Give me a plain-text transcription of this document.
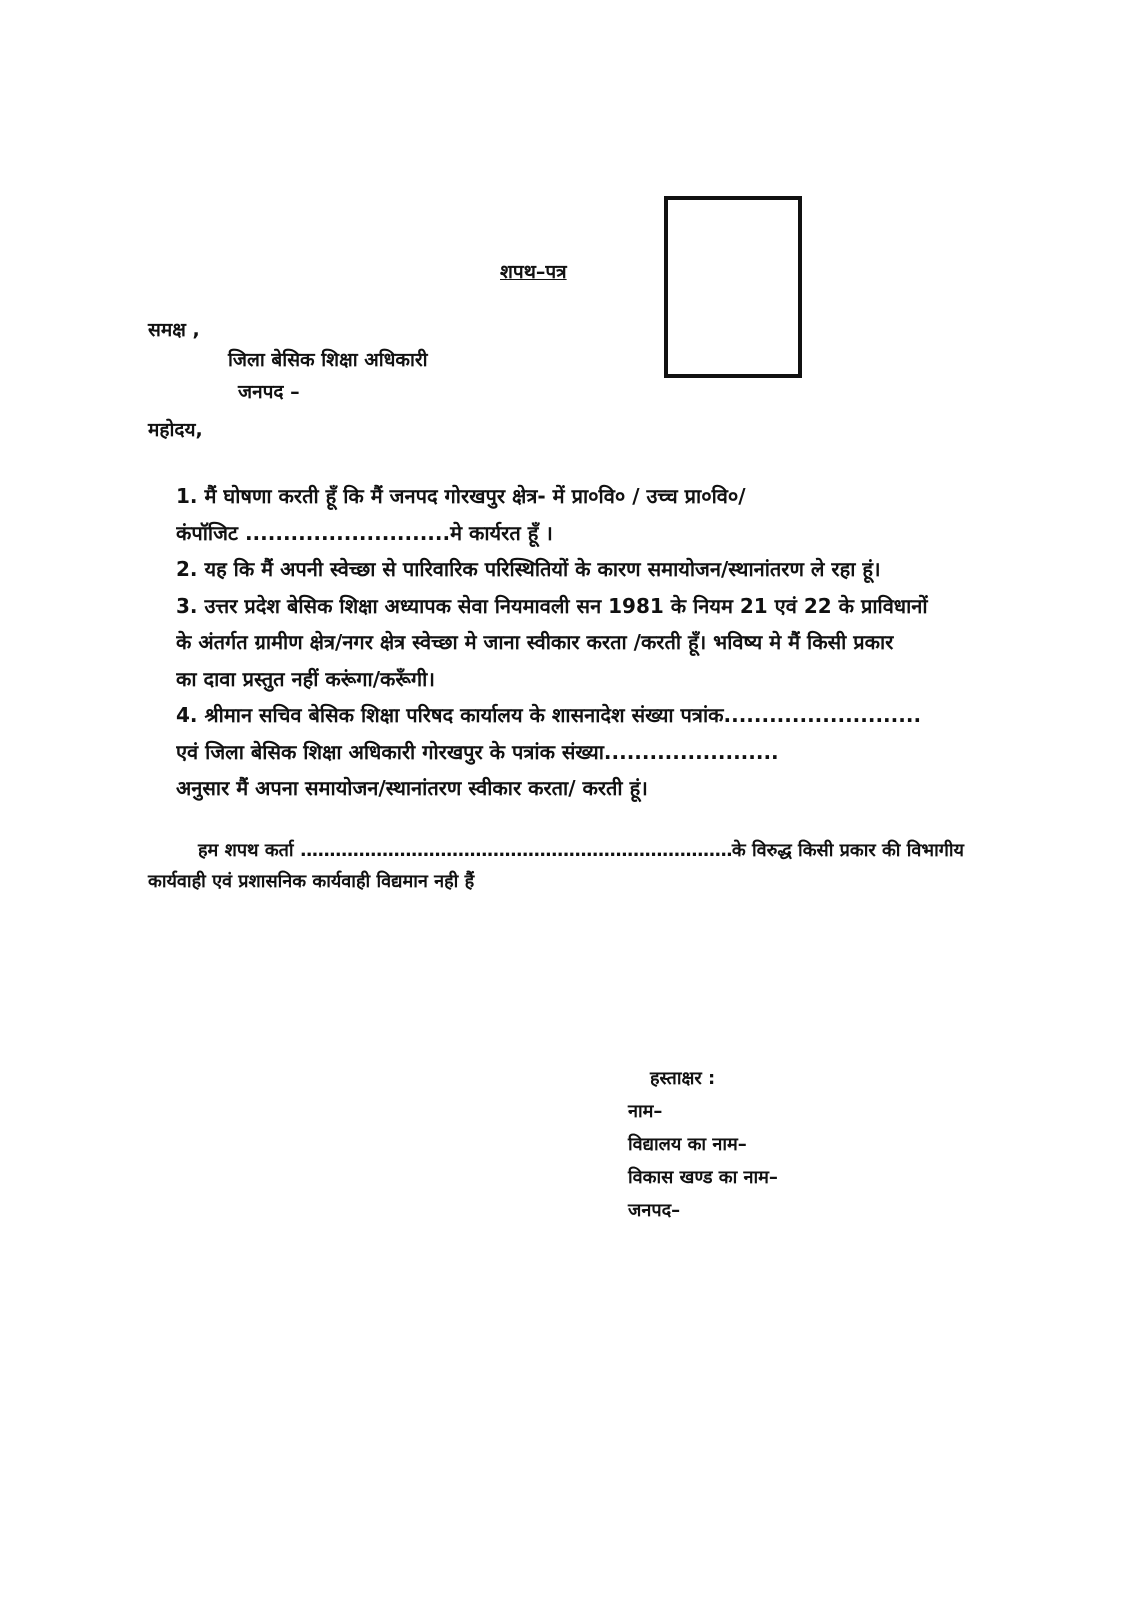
शपथ–पत्र
समक्ष ,
जिला बेसिक शिक्षा अधिकारी
जनपद –
महोदय,
1. मैं घोषणा करती हूँ कि मैं जनपद गोरखपुर क्षेत्र- में प्रा०वि० / उच्च प्रा०वि०/
कंपॉजिट ...........................मे कार्यरत हूँ ।
2. यह कि मैं अपनी स्वेच्छा से पारिवारिक परिस्थितियों के कारण समायोजन/स्थानांतरण ले रहा हूं।
3. उत्तर प्रदेश बेसिक शिक्षा अध्यापक सेवा नियमावली सन 1981 के नियम 21 एवं 22 के प्राविधानों
के अंतर्गत ग्रामीण क्षेत्र/नगर क्षेत्र स्वेच्छा मे जाना स्वीकार करता /करती हूँ। भविष्य मे मैं किसी प्रकार
का दावा प्रस्तुत नहीं करूंगा/करूँगी।
4. श्रीमान सचिव बेसिक शिक्षा परिषद कार्यालय के शासनादेश संख्या पत्रांक..........................
एवं जिला बेसिक शिक्षा अधिकारी गोरखपुर के पत्रांक संख्या.......................
अनुसार मैं अपना समायोजन/स्थानांतरण स्वीकार करता/ करती हूं।
हम शपथ कर्ता ..........................................................................के विरुद्ध किसी प्रकार की विभागीय
कार्यवाही एवं प्रशासनिक कार्यवाही विद्यमान नही हैं
हस्ताक्षर :
नाम–
विद्यालय का नाम–
विकास खण्ड का नाम–
जनपद–
